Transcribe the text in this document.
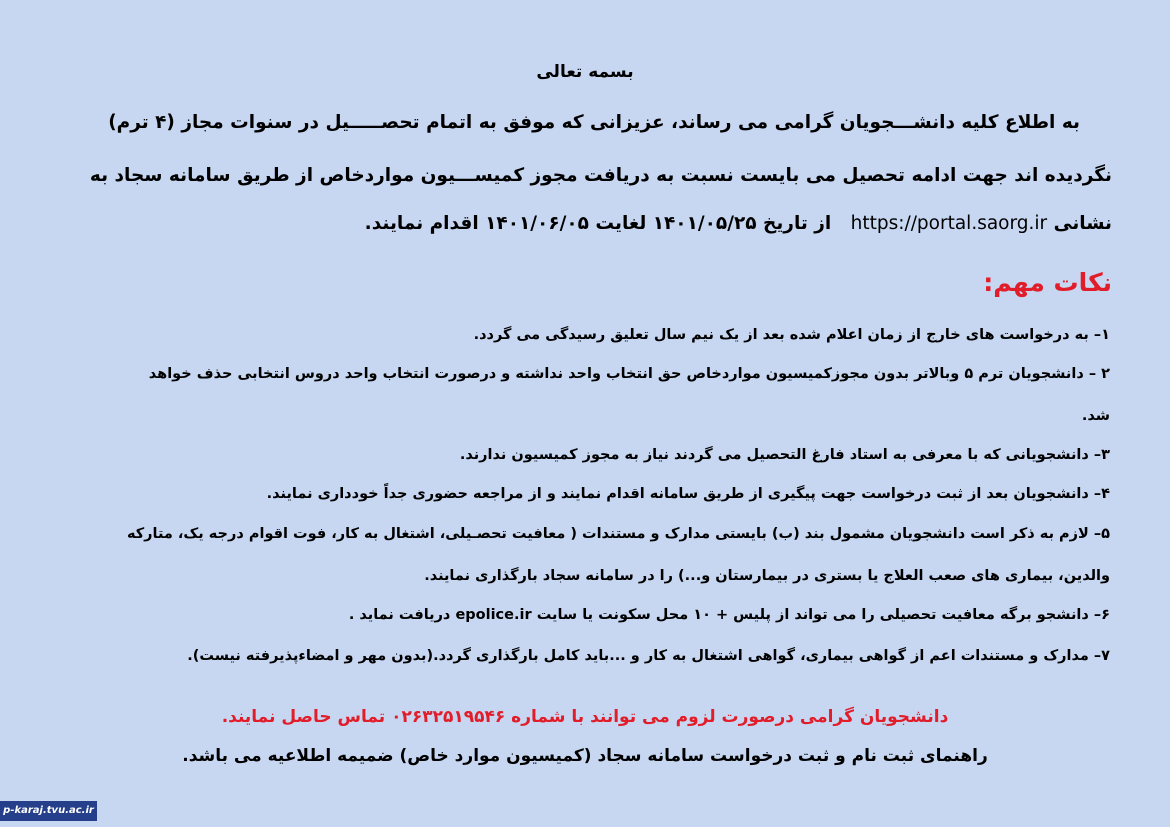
بسمه تعالی
به اطلاع کلیه دانشـــجویان گرامی می رساند، عزیزانی که موفق به اتمام تحصـــــیل در سنوات مجاز (۴ ترم)
نگردیده اند جهت ادامه تحصیل می بایست نسبت به دریافت مجوز کمیســـیون مواردخاص از طریق سامانه سجاد به
نشانی https://portal.saorg.ir   از تاریخ ۱۴۰۱/۰۵/۲۵ لغایت ۱۴۰۱/۰۶/۰۵ اقدام نمایند.
نکات مهم:
۱– به درخواست های خارج از زمان اعلام شده بعد از یک نیم سال تعلیق رسیدگی می گردد.
۲ – دانشجویان ترم ۵ وبالاتر بدون مجوزکمیسیون مواردخاص حق انتخاب واحد نداشته و درصورت انتخاب واحد دروس انتخابی حذف خواهد
شد.
۳– دانشجویانی که با معرفی به استاد فارغ التحصیل می گردند نیاز به مجوز کمیسیون ندارند.
۴– دانشجویان بعد از ثبت درخواست جهت پیگیری از طریق سامانه اقدام نمایند و از مراجعه حضوری جداً خودداری نمایند.
۵– لازم به ذکر است دانشجویان مشمول بند (ب) بایستی مدارک و مستندات ( معافیت تحصـیلی، اشتغال به کار، فوت اقوام درجه یک، متارکه
والدین، بیماری های صعب العلاج یا بستری در بیمارستان و...) را در سامانه سجاد بارگذاری نمایند.
۶– دانشجو برگه معافیت تحصیلی را می تواند از پلیس + ۱۰ محل سکونت یا سایت epolice.ir دریافت نماید .
۷– مدارک و مستندات اعم از گواهی بیماری، گواهی اشتغال به کار و ...باید کامل بارگذاری گردد.(بدون مهر و امضاءپذیرفته نیست).
دانشجویان گرامی درصورت لزوم می توانند با شماره ۰۲۶۳۲۵۱۹۵۴۶ تماس حاصل نمایند.
راهنمای ثبت نام و ثبت درخواست سامانه سجاد (کمیسیون موارد خاص) ضمیمه اطلاعیه می باشد.
p-karaj.tvu.ac.ir
